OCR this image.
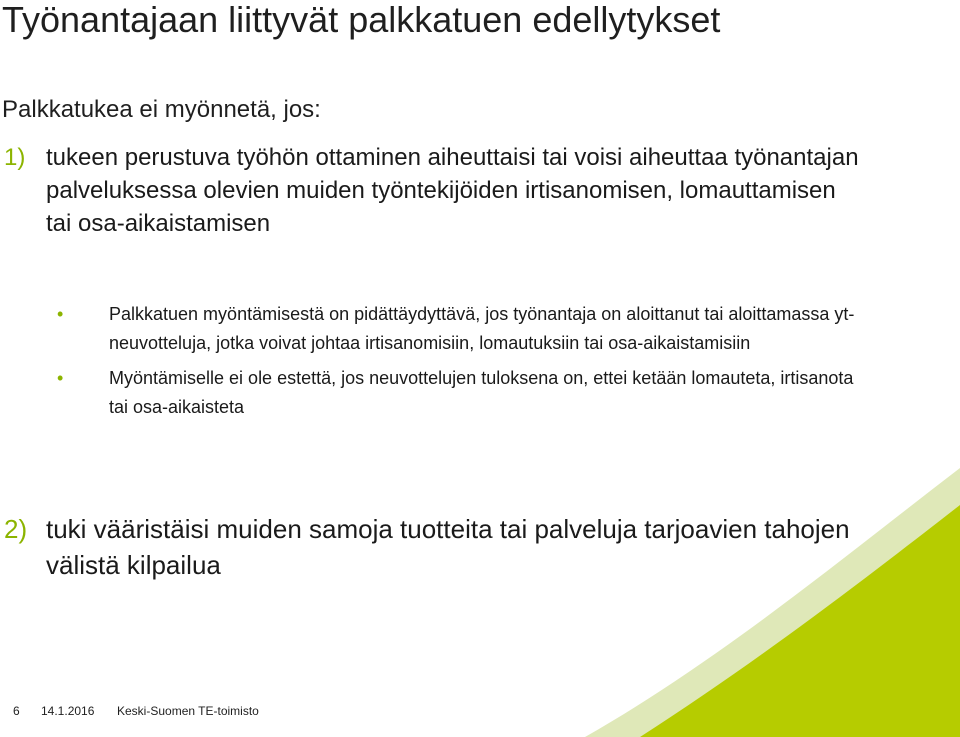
Työnantajaan liittyvät palkkatuen edellytykset
Palkkatukea ei myönnetä, jos:
1) tukeen perustuva työhön ottaminen aiheuttaisi tai voisi aiheuttaa työnantajan palveluksessa olevien muiden työntekijöiden irtisanomisen, lomauttamisen tai osa-aikaistamisen
•	Palkkatuen myöntämisestä on pidättäydyttävä, jos työnantaja on aloittanut tai aloittamassa yt-neuvotteluja, jotka voivat johtaa irtisanomisiin, lomautuksiin tai osa-aikaistamisiin
•	Myöntämiselle ei ole estettä, jos neuvottelujen tuloksena on, ettei ketään lomauteta, irtisanota tai osa-aikaisteta
2) tuki vääristäisi muiden samoja tuotteita tai palveluja tarjoavien tahojen välistä kilpailua
6 14.1.2016 Keski-Suomen TE-toimisto
